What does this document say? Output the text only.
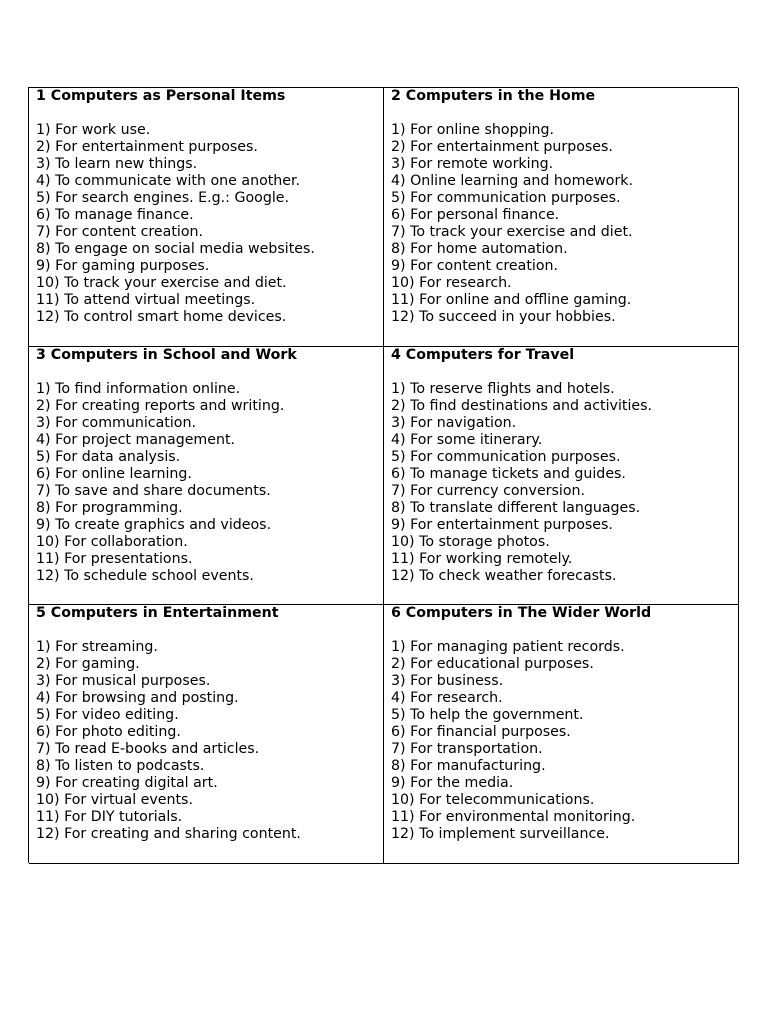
1 Computers as Personal Items
1) For work use.
2) For entertainment purposes.
3) To learn new things.
4) To communicate with one another.
5) For search engines. E.g.: Google.
6) To manage finance.
7) For content creation.
8) To engage on social media websites.
9) For gaming purposes.
10) To track your exercise and diet.
11) To attend virtual meetings.
12) To control smart home devices.
2 Computers in the Home
1) For online shopping.
2) For entertainment purposes.
3) For remote working.
4) Online learning and homework.
5) For communication purposes.
6) For personal finance.
7) To track your exercise and diet.
8) For home automation.
9) For content creation.
10) For research.
11) For online and offline gaming.
12) To succeed in your hobbies.
3 Computers in School and Work
1) To find information online.
2) For creating reports and writing.
3) For communication.
4) For project management.
5) For data analysis.
6) For online learning.
7) To save and share documents.
8) For programming.
9) To create graphics and videos.
10) For collaboration.
11) For presentations.
12) To schedule school events.
4 Computers for Travel
1) To reserve flights and hotels.
2) To find destinations and activities.
3) For navigation.
4) For some itinerary.
5) For communication purposes.
6) To manage tickets and guides.
7) For currency conversion.
8) To translate different languages.
9) For entertainment purposes.
10) To storage photos.
11) For working remotely.
12) To check weather forecasts.
5 Computers in Entertainment
1) For streaming.
2) For gaming.
3) For musical purposes.
4) For browsing and posting.
5) For video editing.
6) For photo editing.
7) To read E-books and articles.
8) To listen to podcasts.
9) For creating digital art.
10) For virtual events.
11) For DIY tutorials.
12) For creating and sharing content.
6 Computers in The Wider World
1) For managing patient records.
2) For educational purposes.
3) For business.
4) For research.
5) To help the government.
6) For financial purposes.
7) For transportation.
8) For manufacturing.
9) For the media.
10) For telecommunications.
11) For environmental monitoring.
12) To implement surveillance.
